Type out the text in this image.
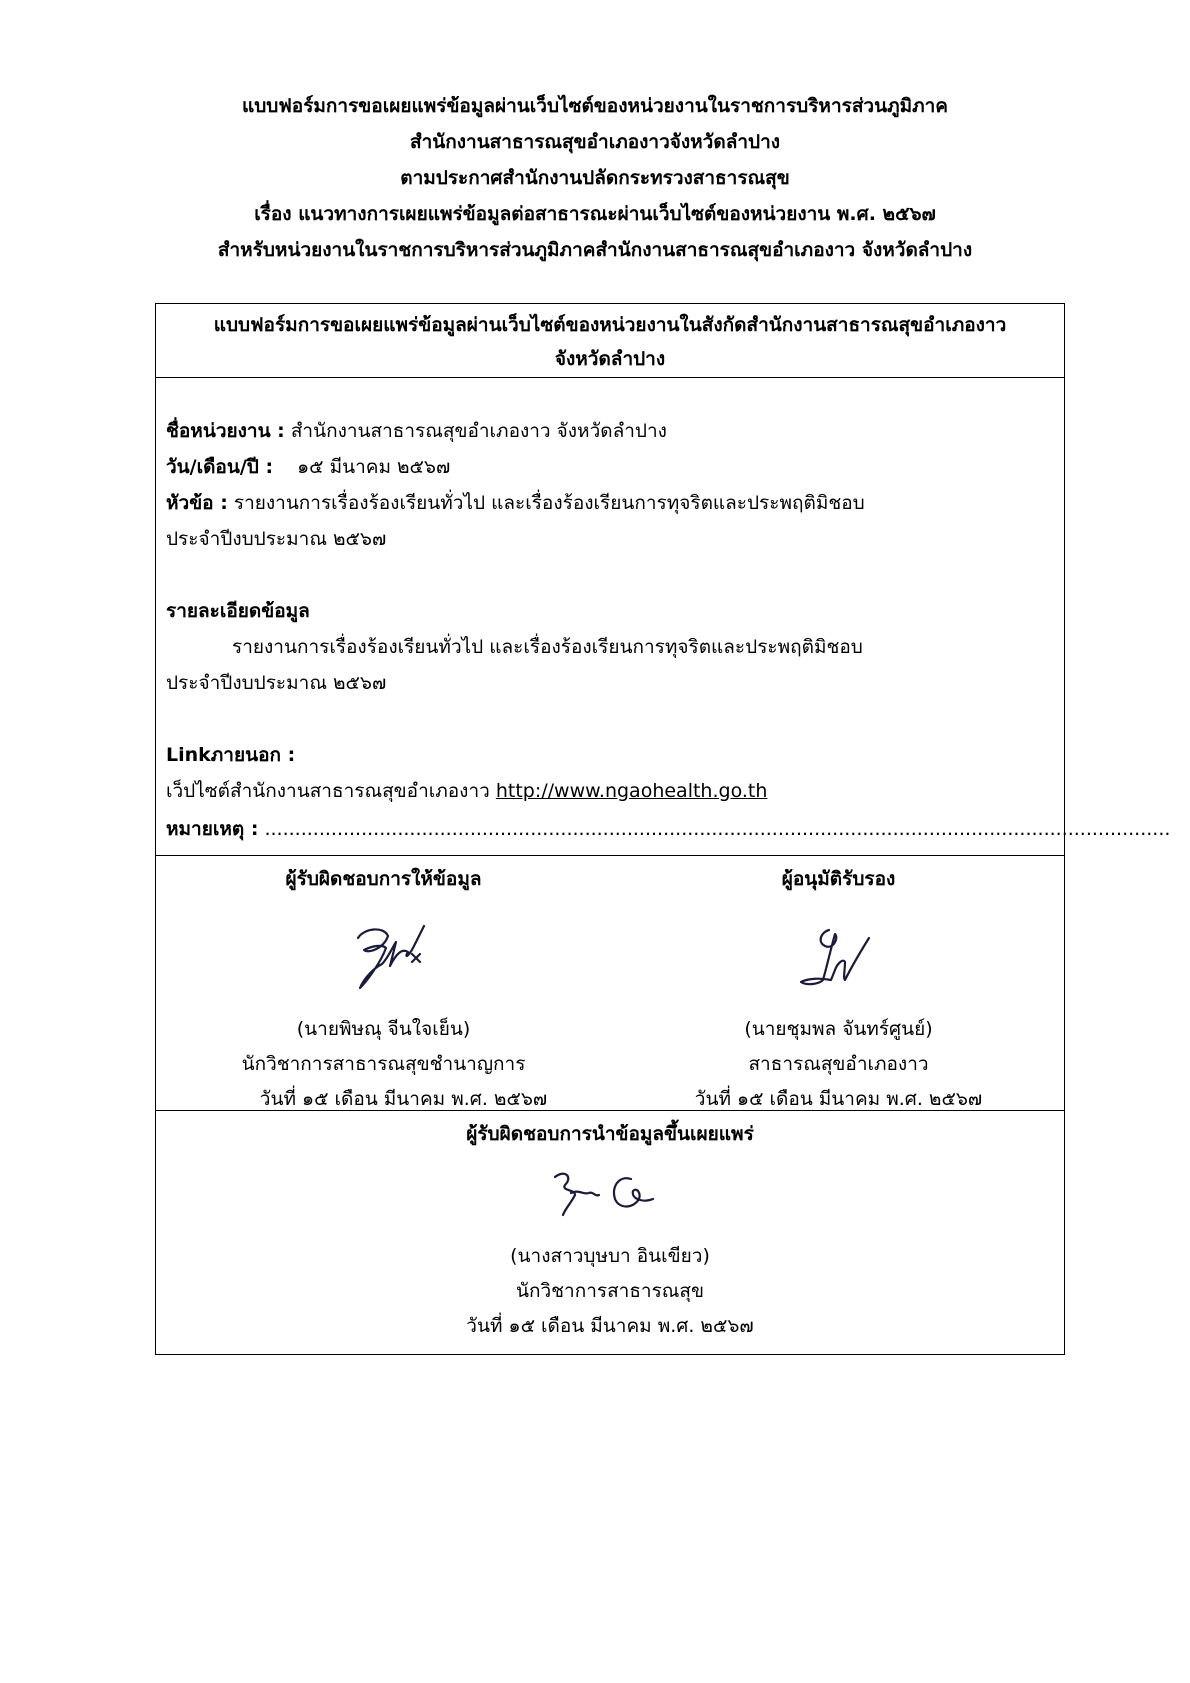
แบบฟอร์มการขอเผยแพร่ข้อมูลผ่านเว็บไซต์ของหน่วยงานในราชการบริหารส่วนภูมิภาค
สำนักงานสาธารณสุขอำเภองาวจังหวัดลำปาง
ตามประกาศสำนักงานปลัดกระทรวงสาธารณสุข
เรื่อง แนวทางการเผยแพร่ข้อมูลต่อสาธารณะผ่านเว็บไซต์ของหน่วยงาน พ.ศ. ๒๕๖๗
สำหรับหน่วยงานในราชการบริหารส่วนภูมิภาคสำนักงานสาธารณสุขอำเภองาว จังหวัดลำปาง
แบบฟอร์มการขอเผยแพร่ข้อมูลผ่านเว็บไซต์ของหน่วยงานในสังกัดสำนักงานสาธารณสุขอำเภองาว
จังหวัดลำปาง
ชื่อหน่วยงาน : สำนักงานสาธารณสุขอำเภองาว จังหวัดลำปาง
วัน/เดือน/ปี : ๑๕ มีนาคม ๒๕๖๗
หัวข้อ : รายงานการเรื่องร้องเรียนทั่วไป และเรื่องร้องเรียนการทุจริตและประพฤติมิชอบ
ประจำปีงบประมาณ ๒๕๖๗
รายละเอียดข้อมูล
รายงานการเรื่องร้องเรียนทั่วไป และเรื่องร้องเรียนการทุจริตและประพฤติมิชอบ
ประจำปีงบประมาณ ๒๕๖๗
Linkภายนอก :
เว็ปไซต์สำนักงานสาธารณสุขอำเภองาว http://www.ngaohealth.go.th
หมายเหตุ : ......................................................................................................................................................
ผู้รับผิดชอบการให้ข้อมูล
(นายพิษณุ จีนใจเย็น)
นักวิชาการสาธารณสุขชำนาญการ
วันที่ ๑๕ เดือน มีนาคม พ.ศ. ๒๕๖๗
ผู้อนุมัติรับรอง
(นายชุมพล จันทร์ศูนย์)
สาธารณสุขอำเภองาว
วันที่ ๑๕ เดือน มีนาคม พ.ศ. ๒๕๖๗
ผู้รับผิดชอบการนำข้อมูลขึ้นเผยแพร่
(นางสาวบุษบา อินเขียว)
นักวิชาการสาธารณสุข
วันที่ ๑๕ เดือน มีนาคม พ.ศ. ๒๕๖๗
